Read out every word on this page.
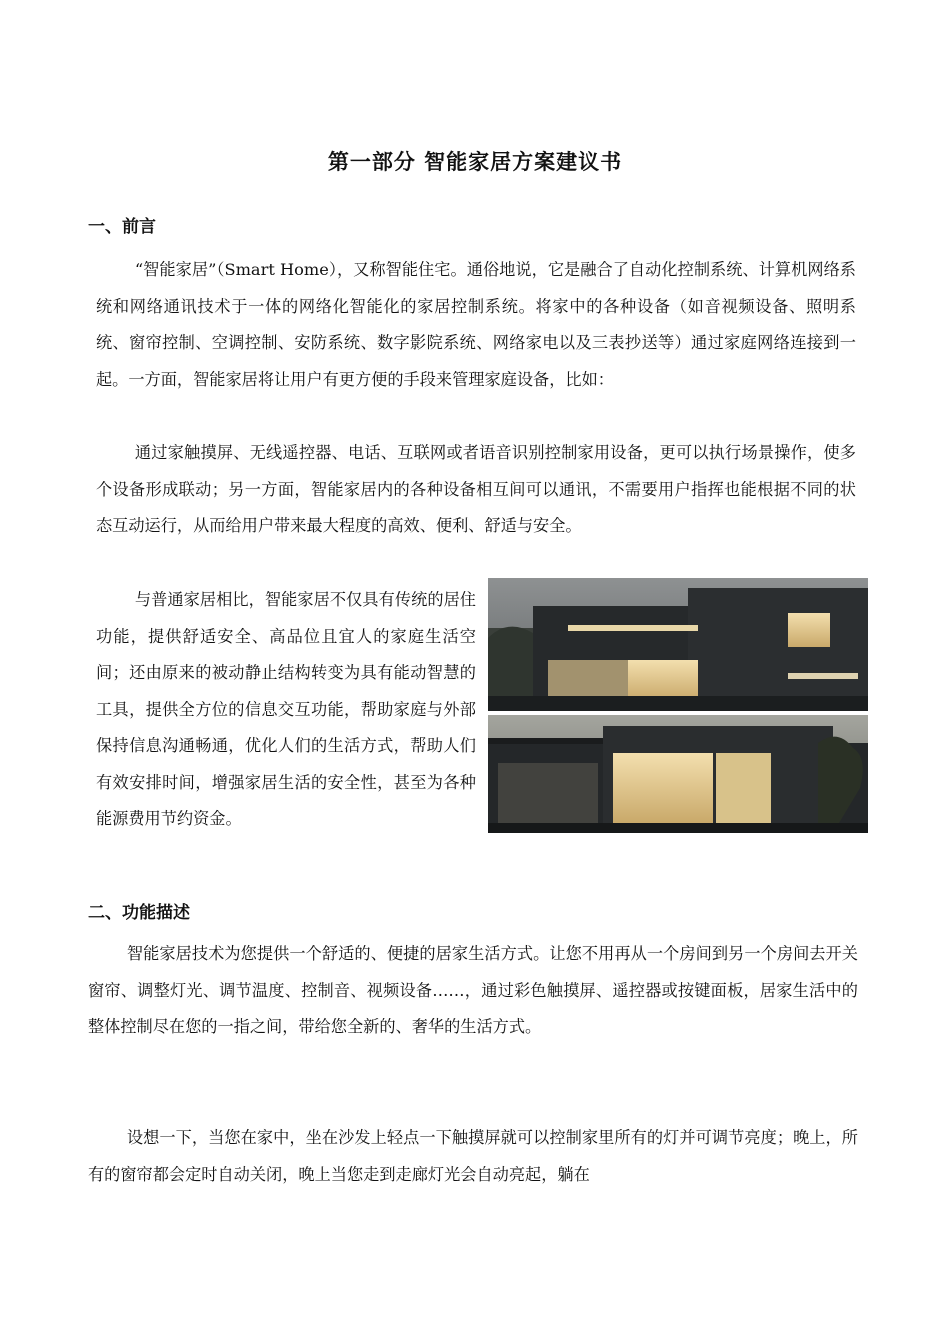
第一部分 智能家居方案建议书
一、前言

“智能家居”（Smart Home），又称智能住宅。通俗地说，它是融合了自动化控制系统、计算机网络系统和网络通讯技术于一体的网络化智能化的家居控制系统。将家中的各种设备（如音视频设备、照明系统、窗帘控制、空调控制、安防系统、数字影院系统、网络家电以及三表抄送等）通过家庭网络连接到一起。一方面，智能家居将让用户有更方便的手段来管理家庭设备，比如：

通过家触摸屏、无线遥控器、电话、互联网或者语音识别控制家用设备，更可以执行场景操作，使多个设备形成联动；另一方面，智能家居内的各种设备相互间可以通讯，不需要用户指挥也能根据不同的状态互动运行，从而给用户带来最大程度的高效、便利、舒适与安全。

与普通家居相比，智能家居不仅具有传统的居住功能，提供舒适安全、高品位且宜人的家庭生活空间；还由原来的被动静止结构转变为具有能动智慧的工具，提供全方位的信息交互功能，帮助家庭与外部保持信息沟通畅通，优化人们的生活方式，帮助人们有效安排时间，增强家居生活的安全性，甚至为各种能源费用节约资金。

二、功能描述

智能家居技术为您提供一个舒适的、便捷的居家生活方式。让您不用再从一个房间到另一个房间去开关窗帘、调整灯光、调节温度、控制音、视频设备……，通过彩色触摸屏、遥控器或按键面板，居家生活中的整体控制尽在您的一指之间，带给您全新的、奢华的生活方式。

设想一下，当您在家中，坐在沙发上轻点一下触摸屏就可以控制家里所有的灯并可调节亮度；晚上，所有的窗帘都会定时自动关闭，晚上当您走到走廊灯光会自动亮起，躺在
